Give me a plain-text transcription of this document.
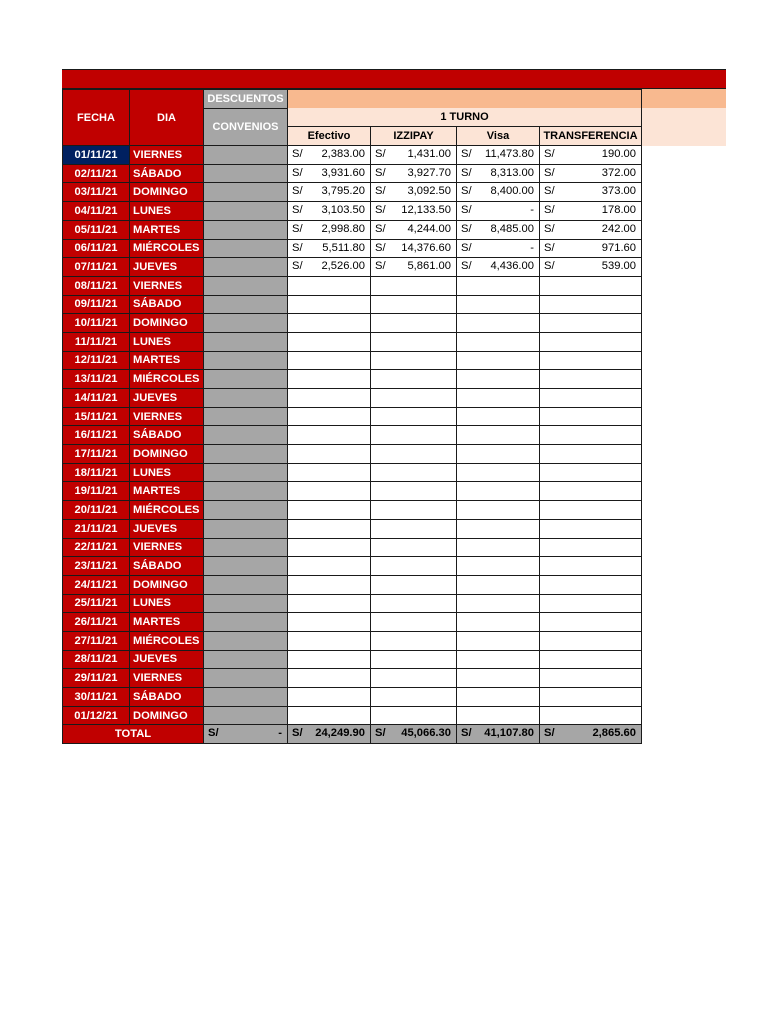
FECHA	DIA	DESCUENTOS				
		CONVENIOS	1 TURNO			
			Efectivo	IZZIPAY	Visa	TRANSFERENCIA
01/11/21	VIERNES		S/ 2,383.00	S/ 1,431.00	S/ 11,473.80	S/ 190.00

02/11/21	SÁBADO		S/ 3,931.60	S/ 3,927.70	S/ 8,313.00	S/ 372.00

03/11/21	DOMINGO		S/ 3,795.20	S/ 3,092.50	S/ 8,400.00	S/ 373.00

04/11/21	LUNES		S/ 3,103.50	S/ 12,133.50	S/ -	S/ 178.00

05/11/21	MARTES		S/ 2,998.80	S/ 4,244.00	S/ 8,485.00	S/ 242.00

06/11/21	MIÉRCOLES		S/ 5,511.80	S/ 14,376.60	S/ -	S/ 971.60

07/11/21	JUEVES		S/ 2,526.00	S/ 5,861.00	S/ 4,436.00	S/ 539.00

08/11/21	VIERNES					
09/11/21	SÁBADO					
10/11/21	DOMINGO					
11/11/21	LUNES					
12/11/21	MARTES					
13/11/21	MIÉRCOLES					
14/11/21	JUEVES					
15/11/21	VIERNES					
16/11/21	SÁBADO					
17/11/21	DOMINGO					
18/11/21	LUNES					
19/11/21	MARTES					
20/11/21	MIÉRCOLES					
21/11/21	JUEVES					
22/11/21	VIERNES					
23/11/21	SÁBADO					
24/11/21	DOMINGO					
25/11/21	LUNES					
26/11/21	MARTES					
27/11/21	MIÉRCOLES					
28/11/21	JUEVES					
29/11/21	VIERNES					
30/11/21	SÁBADO					
01/12/21	DOMINGO					
TOTAL		S/ -	S/ 24,249.90	S/ 45,066.30	S/ 41,107.80	S/ 2,865.60
